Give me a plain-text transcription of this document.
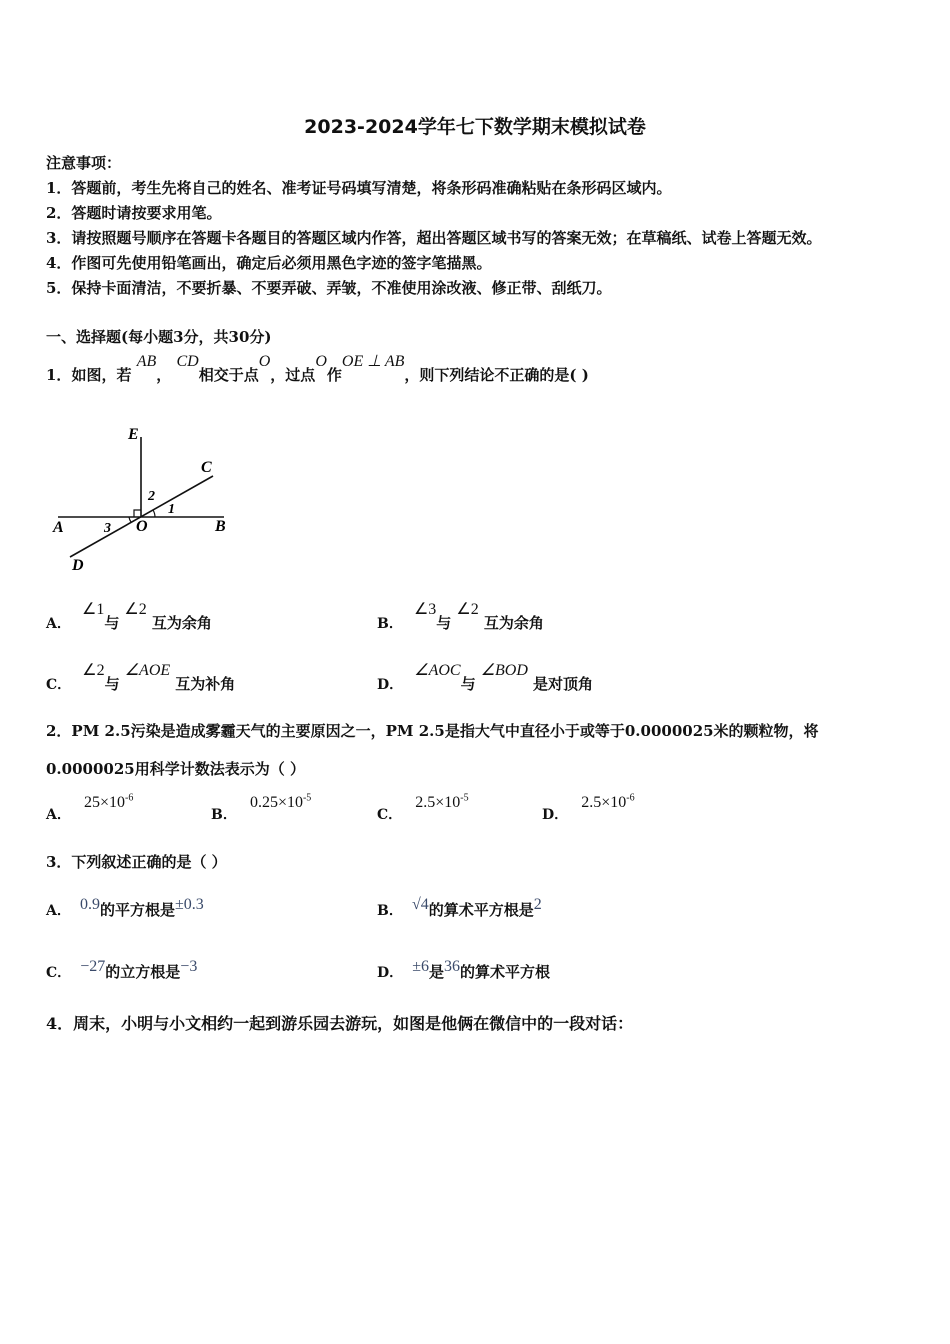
2023-2024学年七下数学期末模拟试卷
注意事项：
1．答题前，考生先将自己的姓名、准考证号码填写清楚，将条形码准确粘贴在条形码区域内。
2．答题时请按要求用笔。
3．请按照题号顺序在答题卡各题目的答题区域内作答，超出答题区域书写的答案无效；在草稿纸、试卷上答题无效。
4．作图可先使用铅笔画出，确定后必须用黑色字迹的签字笔描黑。
5．保持卡面清洁，不要折暴、不要弄破、弄皱，不准使用涂改液、修正带、刮纸刀。
一、选择题(每小题3分，共30分)
1．如图，若 AB， CD相交于点O，过点O作OE ⊥ AB，则下列结论不正确的是( )
E
C
A	B
O
D
1
2
3
A． ∠1与 ∠2 互为余角	B． ∠3与 ∠2 互为余角
C． ∠2与 ∠AOE 互为补角	D． ∠AOC与 ∠BOD 是对顶角
2．PM 2.5污染是造成雾霾天气的主要原因之一，PM 2.5是指大气中直径小于或等于0.0000025米的颗粒物，将
0.0000025用科学计数法表示为（ ）
A． $25\times 10^{-6}$
B． $0.25\times 10^{-5}$
C． $2.5\times 10^{-5}$
D． $2.5\times 10^{-6}$
3．下列叙述正确的是（ ）
A． 0.9的平方根是±0.3	B． √4的算术平方根是2
C． −27的立方根是−3	D． ±6是36的算术平方根
4．周末，小明与小文相约一起到游乐园去游玩，如图是他俩在微信中的一段对话：
